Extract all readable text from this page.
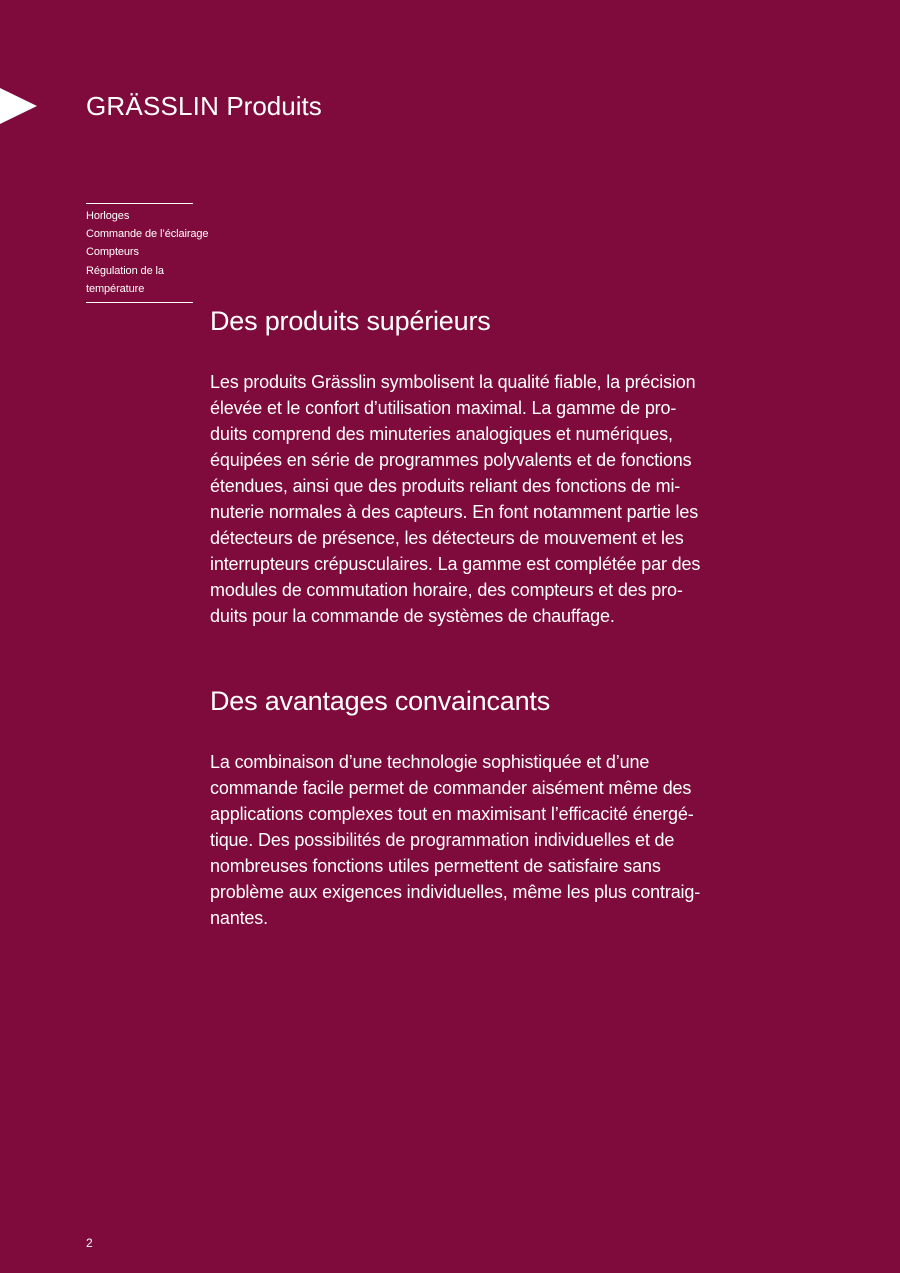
GRÄSSLIN Produits
Horloges
Commande de l’éclairage
Compteurs
Régulation de la
température
Des produits supérieurs

Les produits Grässlin symbolisent la qualité fiable, la précision
élevée et le confort d’utilisation maximal. La gamme de pro-
duits comprend des minuteries analogiques et numériques,
équipées en série de programmes polyvalents et de fonctions
étendues, ainsi que des produits reliant des fonctions de mi-
nuterie normales à des capteurs. En font notamment partie les
détecteurs de présence, les détecteurs de mouvement et les
interrupteurs crépusculaires. La gamme est complétée par des
modules de commutation horaire, des compteurs et des pro-
duits pour la commande de systèmes de chauffage.

Des avantages convaincants

La combinaison d’une technologie sophistiquée et d’une
commande facile permet de commander aisément même des
applications complexes tout en maximisant l’efficacité énergé-
tique. Des possibilités de programmation individuelles et de
nombreuses fonctions utiles permettent de satisfaire sans
problème aux exigences individuelles, même les plus contraig-
nantes.

2
